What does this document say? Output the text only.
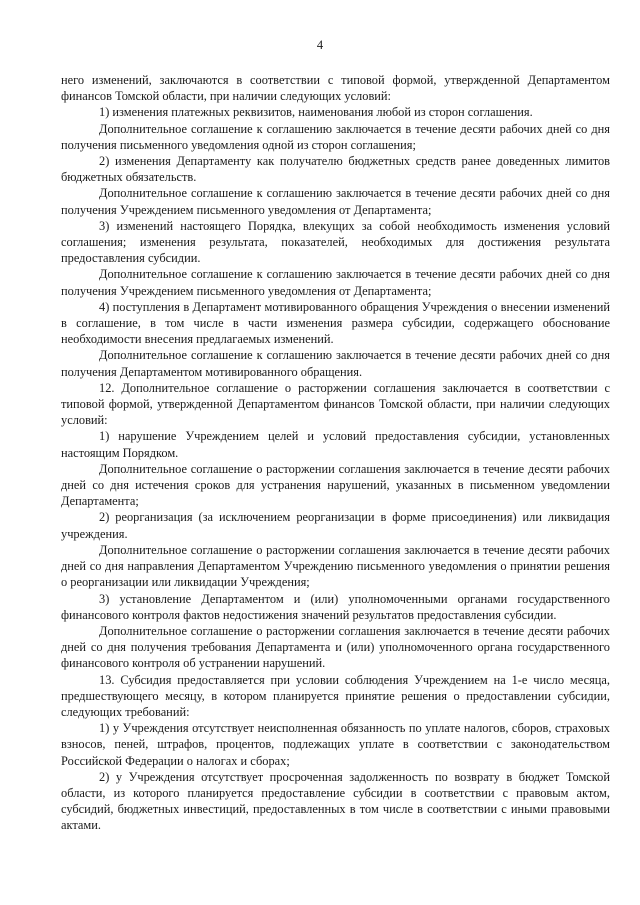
4

него изменений, заключаются в соответствии с типовой формой, утвержденной Департаментом финансов Томской области, при наличии следующих условий:

1) изменения платежных реквизитов, наименования любой из сторон соглашения.

Дополнительное соглашение к соглашению заключается в течение десяти рабочих дней со дня получения письменного уведомления одной из сторон соглашения;

2) изменения Департаменту как получателю бюджетных средств ранее доведенных лимитов бюджетных обязательств.

Дополнительное соглашение к соглашению заключается в течение десяти рабочих дней со дня получения Учреждением письменного уведомления от Департамента;

3) изменений настоящего Порядка, влекущих за собой необходимость изменения условий соглашения; изменения результата, показателей, необходимых для достижения результата предоставления субсидии.

Дополнительное соглашение к соглашению заключается в течение десяти рабочих дней со дня получения Учреждением письменного уведомления от Департамента;

4) поступления в Департамент мотивированного обращения Учреждения о внесении изменений в соглашение, в том числе в части изменения размера субсидии, содержащего обоснование необходимости внесения предлагаемых изменений.

Дополнительное соглашение к соглашению заключается в течение десяти рабочих дней со дня получения Департаментом мотивированного обращения.

12. Дополнительное соглашение о расторжении соглашения заключается в соответствии с типовой формой, утвержденной Департаментом финансов Томской области, при наличии следующих условий:

1) нарушение Учреждением целей и условий предоставления субсидии, установленных настоящим Порядком.

Дополнительное соглашение о расторжении соглашения заключается в течение десяти рабочих дней со дня истечения сроков для устранения нарушений, указанных в письменном уведомлении Департамента;

2) реорганизация (за исключением реорганизации в форме присоединения) или ликвидация учреждения.

Дополнительное соглашение о расторжении соглашения заключается в течение десяти рабочих дней со дня направления Департаментом Учреждению письменного уведомления о принятии решения о реорганизации или ликвидации Учреждения;

3) установление Департаментом и (или) уполномоченными органами государственного финансового контроля фактов недостижения значений результатов предоставления субсидии.

Дополнительное соглашение о расторжении соглашения заключается в течение десяти рабочих дней со дня получения требования Департамента и (или) уполномоченного органа государственного финансового контроля об устранении нарушений.

13. Субсидия предоставляется при условии соблюдения Учреждением на 1-е число месяца, предшествующего месяцу, в котором планируется принятие решения о предоставлении субсидии, следующих требований:

1) у Учреждения отсутствует неисполненная обязанность по уплате налогов, сборов, страховых взносов, пеней, штрафов, процентов, подлежащих уплате в соответствии с законодательством Российской Федерации о налогах и сборах;

2) у Учреждения отсутствует просроченная задолженность по возврату в бюджет Томской области, из которого планируется предоставление субсидии в соответствии с правовым актом, субсидий, бюджетных инвестиций, предоставленных в том числе в соответствии с иными правовыми актами.
